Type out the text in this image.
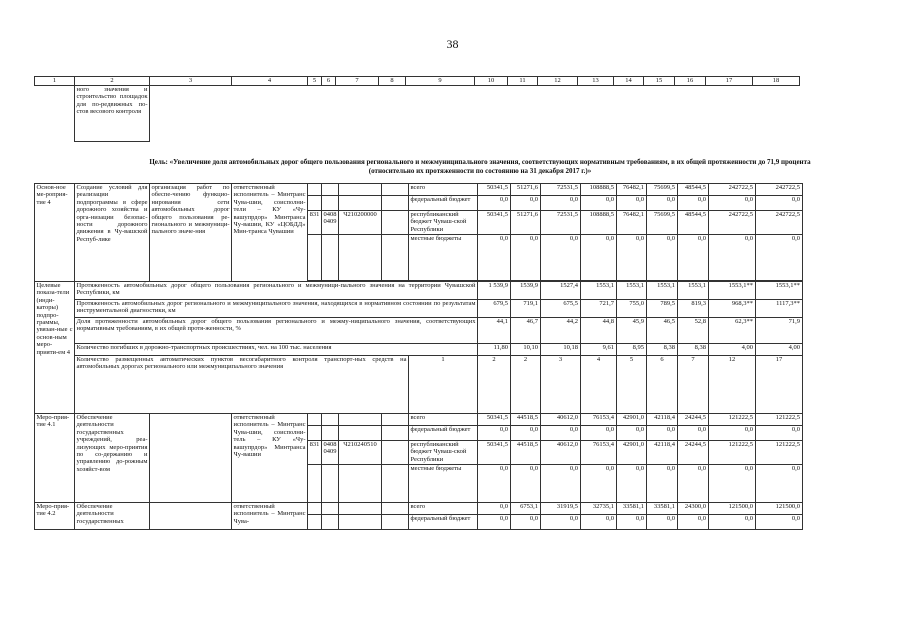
38
1	2	3	4	5	6	7	8	9	10	11	12	13	14	15	16	17	18
	ного значения и строительство площадок для по-редвижных по-стов весового контроля																
Цель: «Увеличение доля автомобильных дорог общего пользования регионального и межмуниципального значения, соответствующих нормативным требованиям, в их общей протяженности до 71,9 процента (относительно их протяженности по состоянию на 31 декабря 2017 г.)»
Основ-ное ме-роприя-тие 4	Создание условий для реализации подпрограммы в сфере дорожного хозяйства и орга-низации безопас-ности дорожного движения в Чу-вашской Респуб-лике	организация работ по обеспе-чению функцио-нирования сети автомобильных дорог общего пользования ре-гионального и межмуници-пального значе-ния	ответственный исполнитель – Минтранс Чува-шии, соисполни-тели – КУ «Чу-вашупрдор» Минтранса Чу-вашии, КУ «ЦОБДД» Мин-транса Чувашии					всего	50341,5	51271,6	72531,5	108888,5	76482,1	75699,5	48544,5	242722,5	242722,5
								федеральный бюджет	0,0	0,0	0,0	0,0	0,0	0,0	0,0	0,0	0,0
				831	0408 0409	Ч210200000		республиканский бюджет Чуваш-ской Республики	50341,5	51271,6	72531,5	108888,5	76482,1	75699,5	48544,5	242722,5	242722,5
								местные бюджеты	0,0	0,0	0,0	0,0	0,0	0,0	0,0	0,0	0,0

Целевые показа-тели (инди-каторы) подпро-граммы, увязан-ные с основ-ным меро-прияти-ем 4	Протяженность автомобильных дорог общего пользования регионального и межмуници-пального значения на территории Чувашской Республики, км								1 539,9	1539,9	1527,4	1553,1	1553,1	1553,1	1553,1	1553,1**	1553,1**
	Протяженность автомобильных дорог регионального и межмуниципального значения, находящихся в нормативном состоянии по результатам инструментальной диагностики, км								679,5	719,1	675,5	721,7	755,0	789,5	819,3	968,3**	1117,3**
	Доля протяженности автомобильных дорог общего пользования регионального и межму-ниципального значения, соответствующих нормативным требованиям, в их общей протя-женности, %								44,1	46,7	44,2	44,8	45,9	46,5	52,8	62,3**	71,9
	Количество погибших в дорожно-транспортных происшествиях, чел. на 100 тыс. населения								11,80	10,10	10,18	9,61	8,95	8,38	8,38	4,00	4,00
	Количество размещенных автоматических пунктов весогабаритного контроля транспорт-ных средств на автомобильных дорогах регионального или межмуниципального значения							1	2	2	3	4	5	6	7	12	17
Меро-прия-тие 4.1	Обеспечение деятельности государственных учреждений, реа-лизующих меро-приятия по со-держанию и управлению до-рожным хозяйст-вом		ответственный исполнитель – Минтранс Чува-шии, соисполни-тель – КУ «Чу-вашупрдор» Минтранса Чу-вашии					всего	50341,5	44518,5	40612,0	76153,4	42901,0	42118,4	24244,5	121222,5	121222,5
								федеральный бюджет	0,0	0,0	0,0	0,0	0,0	0,0	0,0	0,0	0,0
				831	0408 0409	Ч210240510		республиканский бюджет Чуваш-ской Республики	50341,5	44518,5	40612,0	76153,4	42901,0	42118,4	24244,5	121222,5	121222,5
								местные бюджеты	0,0	0,0	0,0	0,0	0,0	0,0	0,0	0,0	0,0
Меро-прия-тие 4.2	Обеспечение деятельности государственных		ответственный исполнитель – Минтранс Чува-					всего	0,0	6753,1	31919,5	32735,1	33581,1	33581,1	24300,0	121500,0	121500,0
								федеральный бюджет	0,0	0,0	0,0	0,0	0,0	0,0	0,0	0,0	0,0
